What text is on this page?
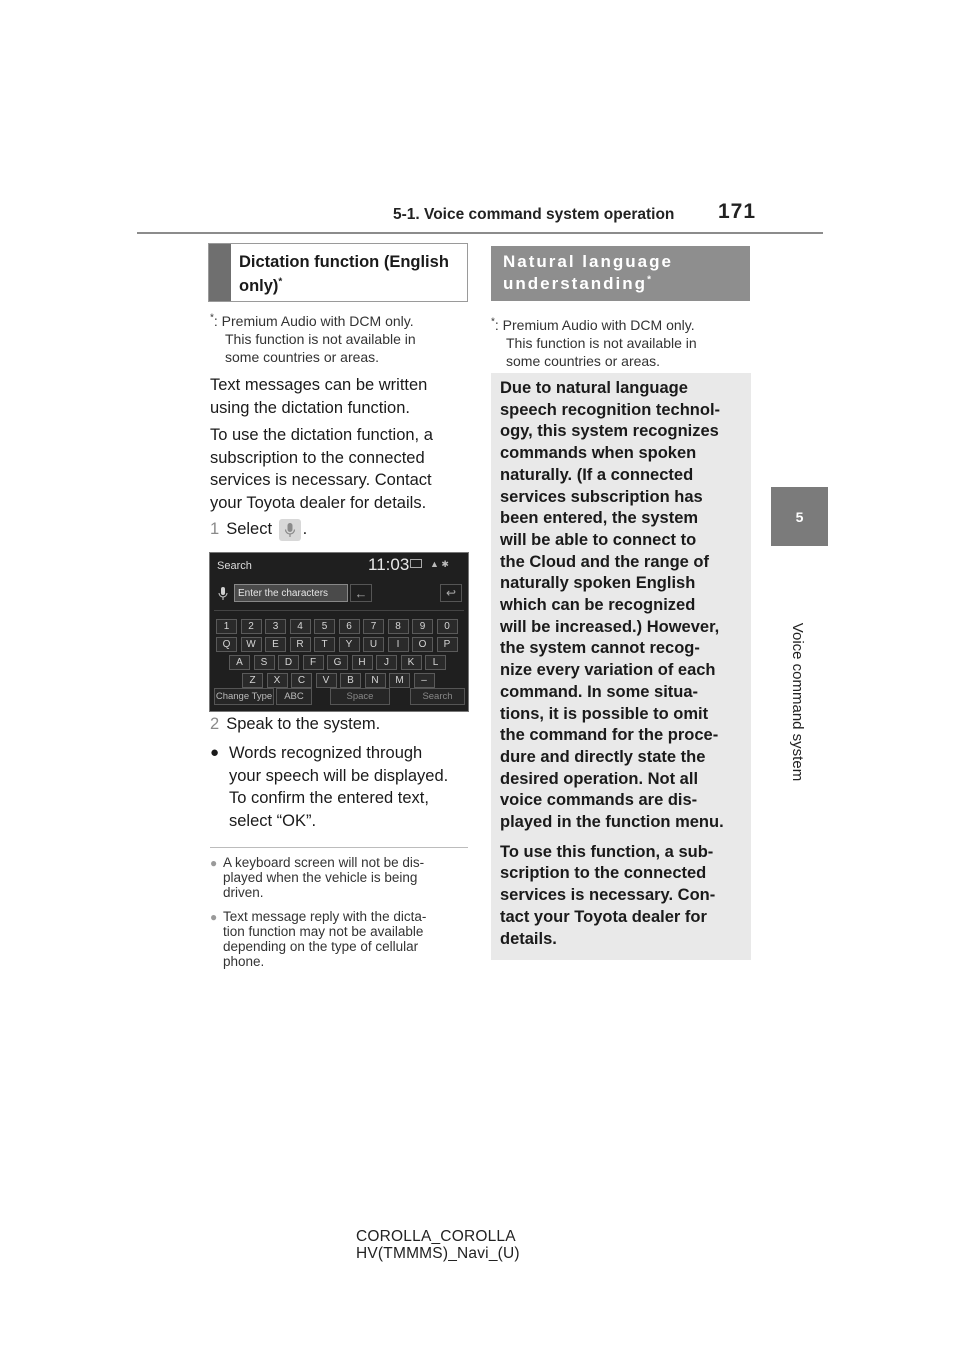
5-1. Voice command system operation 171
5
Voice command system
Dictation function (English
only)*
*: Premium Audio with DCM only.
This function is not available in
some countries or areas.
Text messages can be written
using the dictation function.
To use the dictation function, a
subscription to the connected
services is necessary. Contact
your Toyota dealer for details.
1 Select .
Search	11:03 ▲ ✱
Enter the characters	←	↩
1	2	3	4	5	6	7	8	9	0
Q	W	E	R	T	Y	U	I	O	P
A	S	D	F	G	H	J	K	L
Z	X	C	V	B	N	M	–
Change Type	ABC	Space	Search
2 Speak to the system.
● Words recognized through
your speech will be displayed.
To confirm the entered text,
select “OK”.
● A keyboard screen will not be dis-
played when the vehicle is being
driven.
● Text message reply with the dicta-
tion function may not be available
depending on the type of cellular
phone.
Natural language
understanding*
*: Premium Audio with DCM only.
This function is not available in
some countries or areas.

Due to natural language
speech recognition technol-
ogy, this system recognizes
commands when spoken
naturally. (If a connected
services subscription has
been entered, the system
will be able to connect to
the Cloud and the range of
naturally spoken English
which can be recognized
will be increased.) However,
the system cannot recog-
nize every variation of each
command. In some situa-
tions, it is possible to omit
the command for the proce-
dure and directly state the
desired operation. Not all
voice commands are dis-
played in the function menu.

To use this function, a sub-
scription to the connected
services is necessary. Con-
tact your Toyota dealer for
details.

COROLLA_COROLLA
HV(TMMMS)_Navi_(U)
